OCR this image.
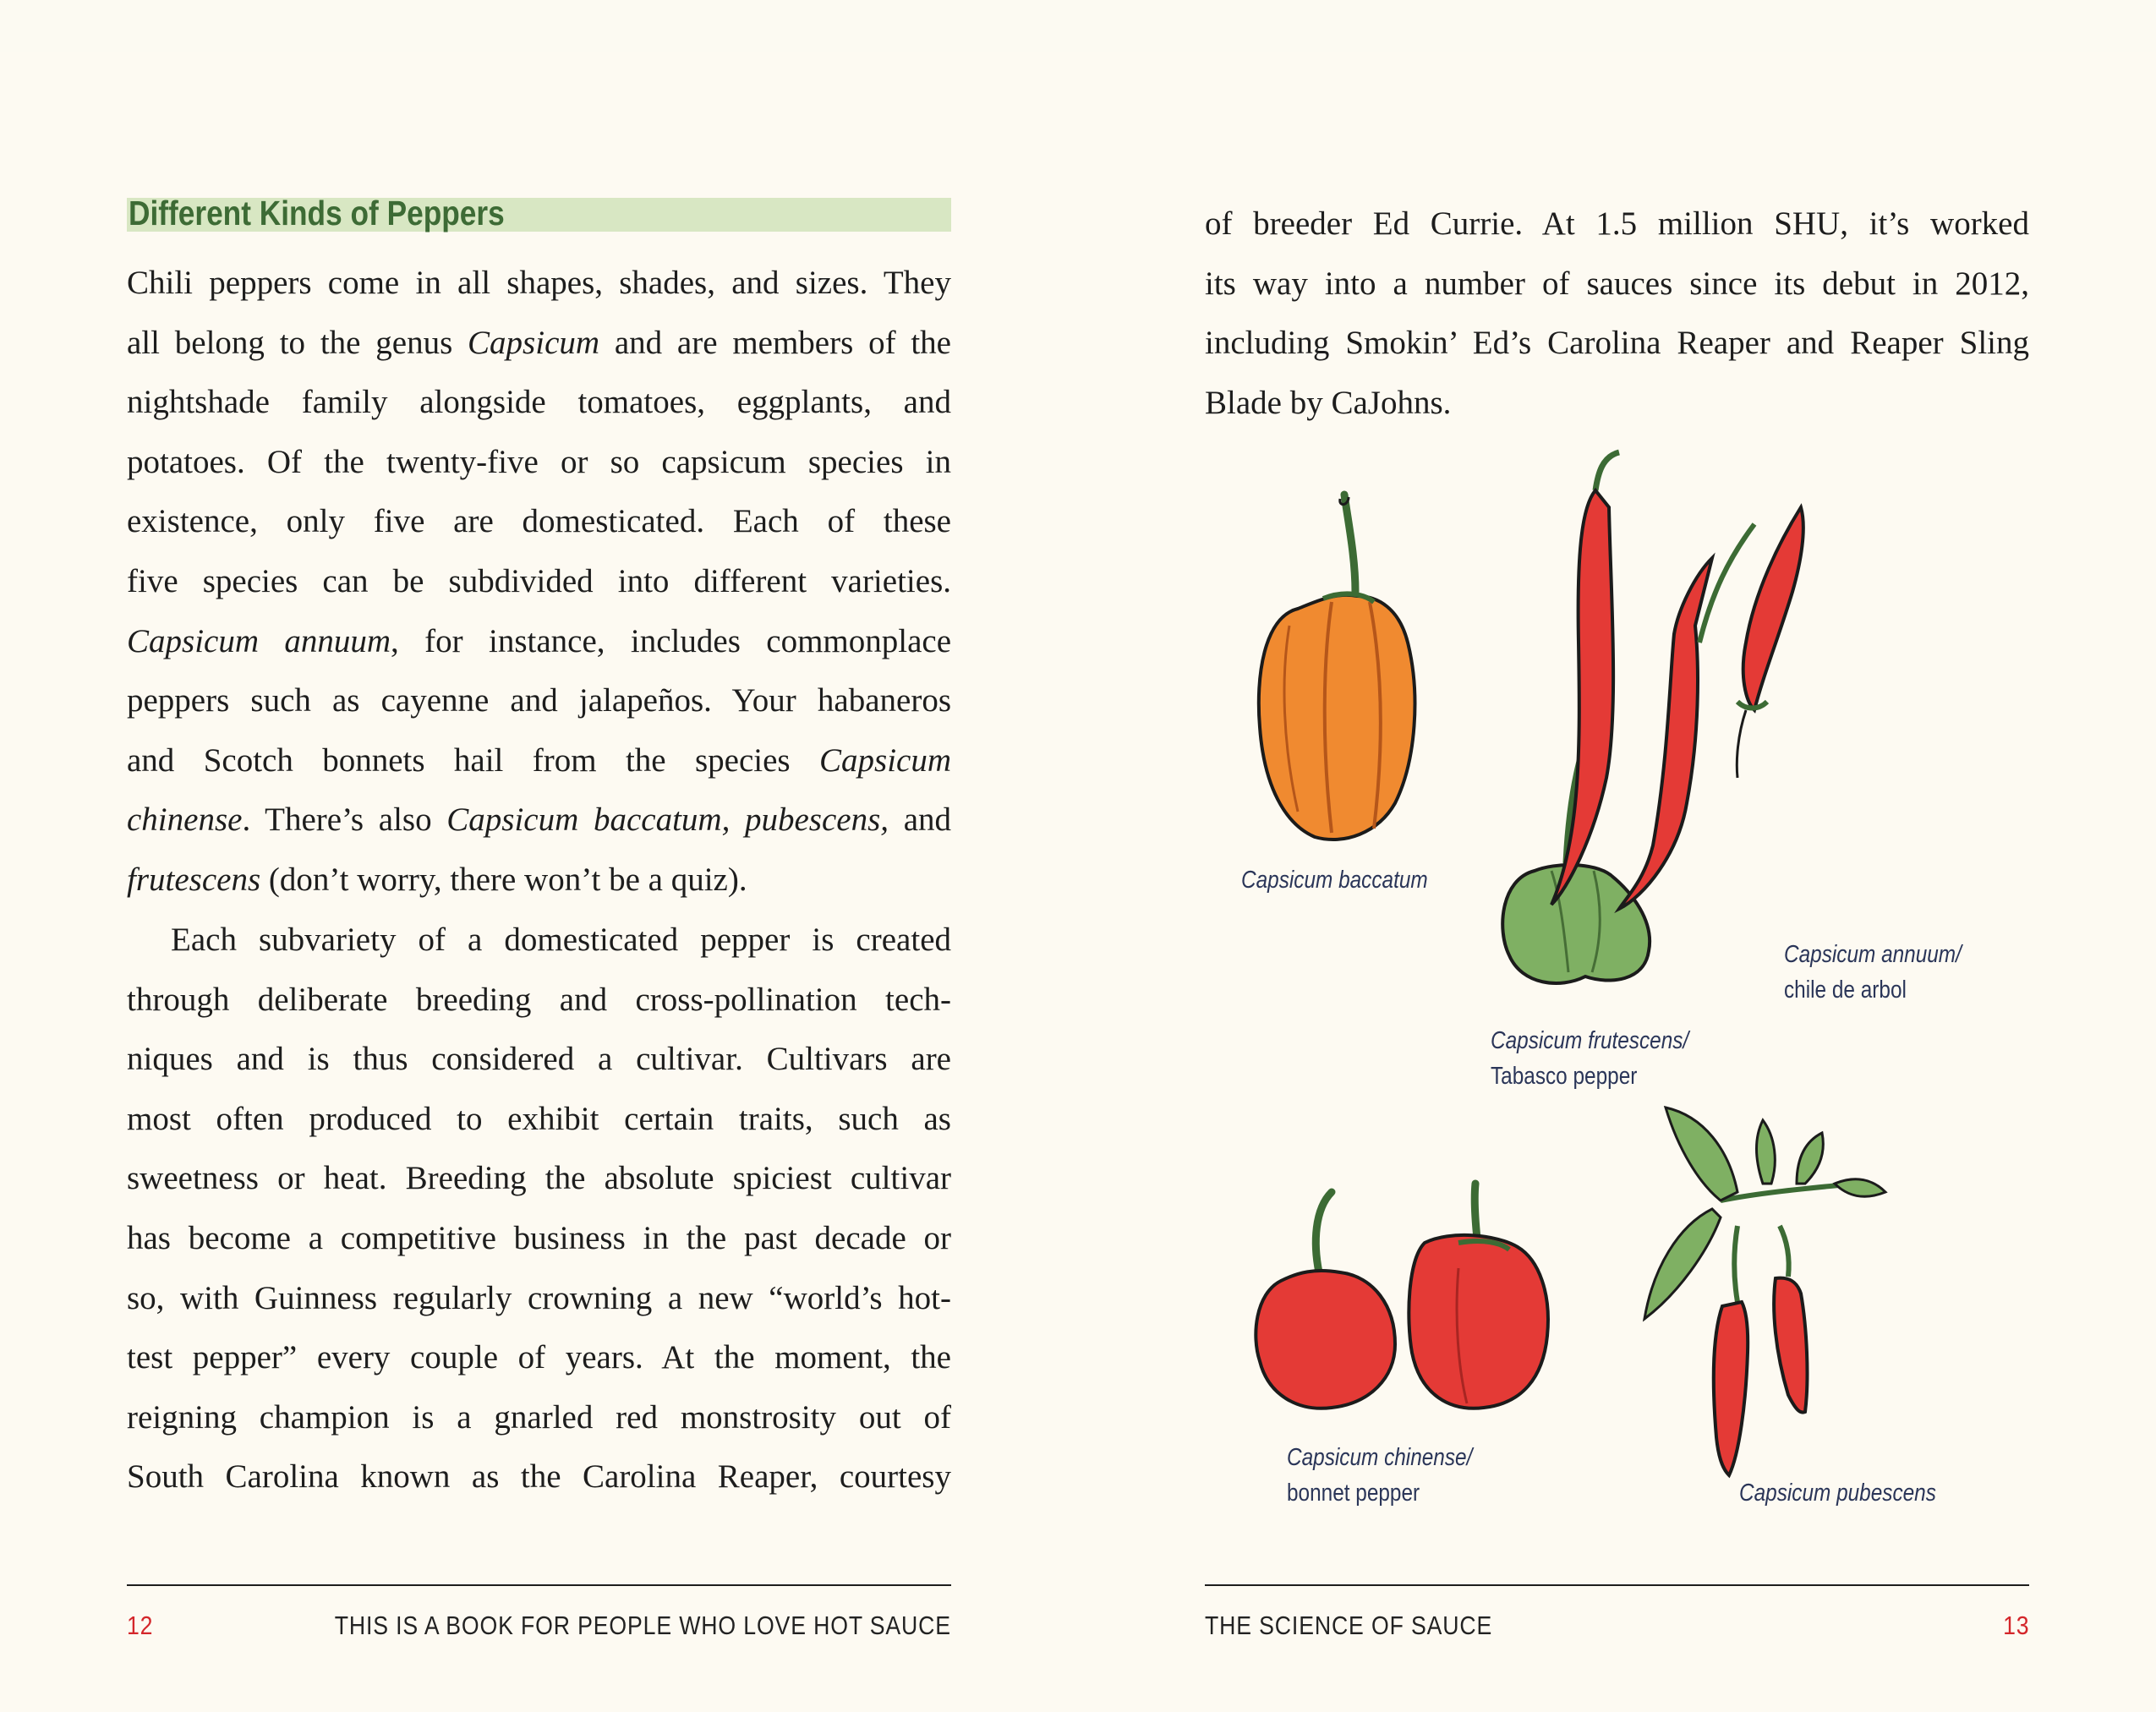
Different Kinds of Peppers
Chili peppers come in all shapes, shades, and sizes. They
all belong to the genus Capsicum and are members of the
nightshade family alongside tomatoes, eggplants, and
potatoes. Of the twenty-five or so capsicum species in
existence, only five are domesticated. Each of these
five species can be subdivided into different varieties.
Capsicum annuum, for instance, includes commonplace
peppers such as cayenne and jalapeños. Your habaneros
and Scotch bonnets hail from the species Capsicum
chinense. There’s also Capsicum baccatum, pubescens, and
frutescens (don’t worry, there won’t be a quiz).
Each subvariety of a domesticated pepper is created
through deliberate breeding and cross-pollination tech-
niques and is thus considered a cultivar. Cultivars are
most often produced to exhibit certain traits, such as
sweetness or heat. Breeding the absolute spiciest cultivar
has become a competitive business in the past decade or
so, with Guinness regularly crowning a new “world’s hot-
test pepper” every couple of years. At the moment, the
reigning champion is a gnarled red monstrosity out of
South Carolina known as the Carolina Reaper, courtesy
12	THIS IS A BOOK FOR PEOPLE WHO LOVE HOT SAUCE
of breeder Ed Currie. At 1.5 million SHU, it’s worked
its way into a number of sauces since its debut in 2012,
including Smokin’ Ed’s Carolina Reaper and Reaper Sling
Blade by CaJohns.
Capsicum baccatum
Capsicum frutescens/
Tabasco pepper
Capsicum annuum/
chile de arbol
Capsicum chinense/
bonnet pepper	Capsicum pubescens
THE SCIENCE OF SAUCE	13
